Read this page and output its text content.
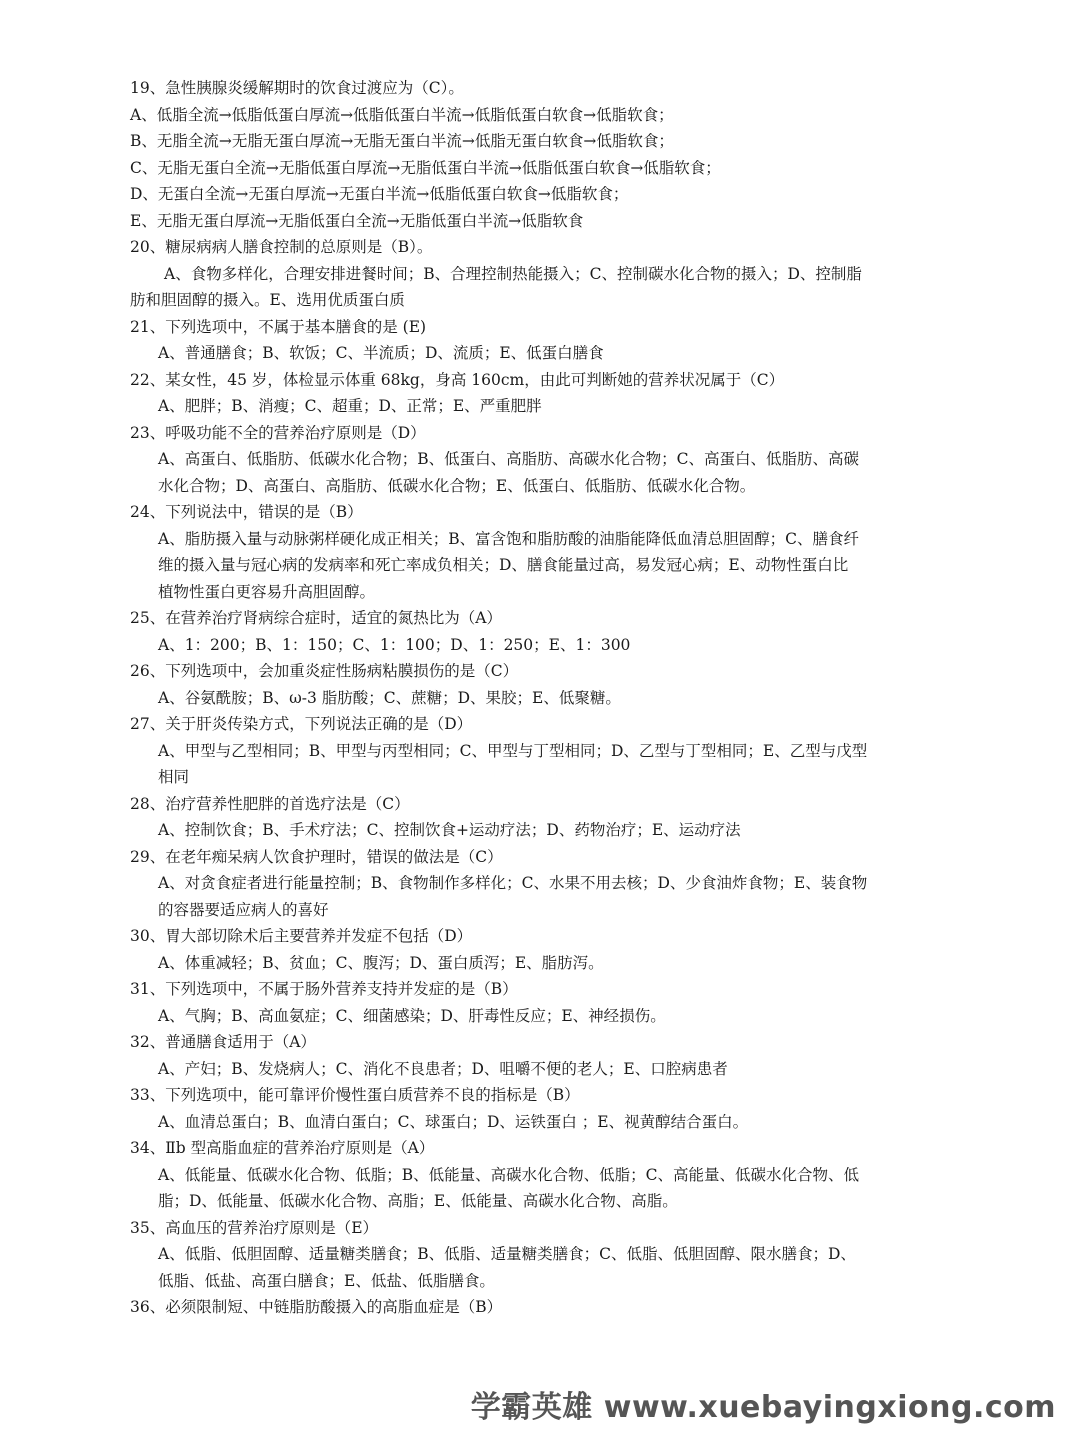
19、急性胰腺炎缓解期时的饮食过渡应为（C）。
A、低脂全流→低脂低蛋白厚流→低脂低蛋白半流→低脂低蛋白软食→低脂软食；
B、无脂全流→无脂无蛋白厚流→无脂无蛋白半流→低脂无蛋白软食→低脂软食；
C、无脂无蛋白全流→无脂低蛋白厚流→无脂低蛋白半流→低脂低蛋白软食→低脂软食；
D、无蛋白全流→无蛋白厚流→无蛋白半流→低脂低蛋白软食→低脂软食；
E、无脂无蛋白厚流→无脂低蛋白全流→无脂低蛋白半流→低脂软食
20、糖尿病病人膳食控制的总原则是（B）。
A、食物多样化，合理安排进餐时间；B、合理控制热能摄入；C、控制碳水化合物的摄入；D、控制脂
肪和胆固醇的摄入。E、选用优质蛋白质
21、下列选项中，不属于基本膳食的是 (E)
A、普通膳食；B、软饭；C、半流质；D、流质；E、低蛋白膳食
22、某女性，45 岁，体检显示体重 68kg，身高 160cm，由此可判断她的营养状况属于（C）
A、肥胖；B、消瘦；C、超重；D、正常；E、严重肥胖
23、呼吸功能不全的营养治疗原则是（D）
A、高蛋白、低脂肪、低碳水化合物；B、低蛋白、高脂肪、高碳水化合物；C、高蛋白、低脂肪、高碳
水化合物；D、高蛋白、高脂肪、低碳水化合物；E、低蛋白、低脂肪、低碳水化合物。
24、下列说法中，错误的是（B）
A、脂肪摄入量与动脉粥样硬化成正相关；B、富含饱和脂肪酸的油脂能降低血清总胆固醇；C、膳食纤
维的摄入量与冠心病的发病率和死亡率成负相关；D、膳食能量过高，易发冠心病；E、动物性蛋白比
植物性蛋白更容易升高胆固醇。
25、在营养治疗肾病综合症时，适宜的氮热比为（A）
A、1：200；B、1：150；C、1：100；D、1：250；E、1：300
26、下列选项中，会加重炎症性肠病粘膜损伤的是（C）
A、谷氨酰胺；B、ω-3 脂肪酸；C、蔗糖；D、果胶；E、低聚糖。
27、关于肝炎传染方式，下列说法正确的是（D）
A、甲型与乙型相同；B、甲型与丙型相同；C、甲型与丁型相同；D、乙型与丁型相同；E、乙型与戊型
相同
28、治疗营养性肥胖的首选疗法是（C）
A、控制饮食；B、手术疗法；C、控制饮食+运动疗法；D、药物治疗；E、运动疗法
29、在老年痴呆病人饮食护理时，错误的做法是（C）
A、对贪食症者进行能量控制；B、食物制作多样化；C、水果不用去核；D、少食油炸食物；E、装食物
的容器要适应病人的喜好
30、胃大部切除术后主要营养并发症不包括（D）
A、体重减轻；B、贫血；C、腹泻；D、蛋白质泻；E、脂肪泻。
31、下列选项中，不属于肠外营养支持并发症的是（B）
A、气胸；B、高血氨症；C、细菌感染；D、肝毒性反应；E、神经损伤。
32、普通膳食适用于（A）
A、产妇；B、发烧病人；C、消化不良患者；D、咀嚼不便的老人；E、口腔病患者
33、下列选项中，能可靠评价慢性蛋白质营养不良的指标是（B）
A、血清总蛋白；B、血清白蛋白；C、球蛋白；D、运铁蛋白 ；E、视黄醇结合蛋白。
34、Ⅱb 型高脂血症的营养治疗原则是（A）
A、低能量、低碳水化合物、低脂；B、低能量、高碳水化合物、低脂；C、高能量、低碳水化合物、低
脂；D、低能量、低碳水化合物、高脂；E、低能量、高碳水化合物、高脂。
35、高血压的营养治疗原则是（E）
A、低脂、低胆固醇、适量糖类膳食；B、低脂、适量糖类膳食；C、低脂、低胆固醇、限水膳食；D、
低脂、低盐、高蛋白膳食；E、低盐、低脂膳食。
36、必须限制短、中链脂肪酸摄入的高脂血症是（B）
学霸英雄 www.xuebayingxiong.com
